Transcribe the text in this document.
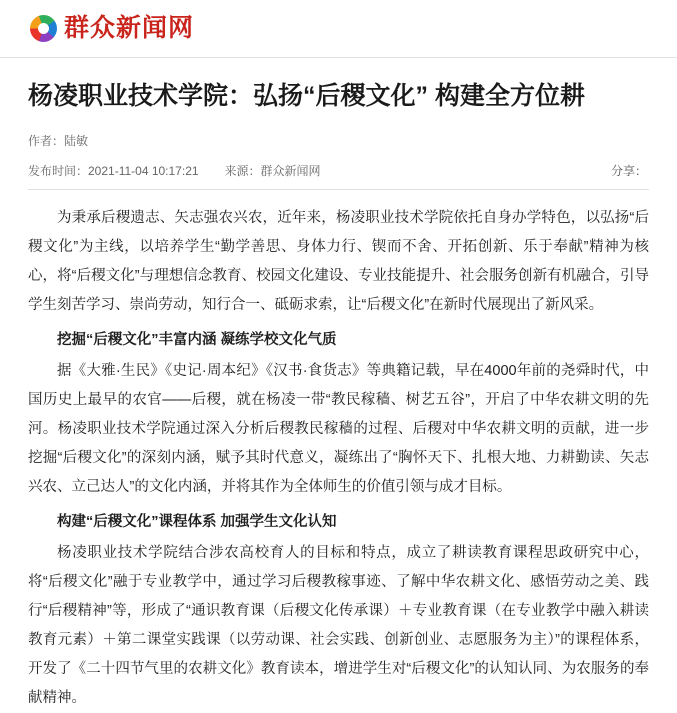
群众新闻网
杨凌职业技术学院：弘扬“后稷文化” 构建全方位耕
作者：陆敏
发布时间：2021-11-04 10:17:21 来源：群众新闻网	分享：

为秉承后稷遗志、矢志强农兴农，近年来，杨凌职业技术学院依托自身办学特色，以弘扬“后稷文化”为主线，以培养学生“勤学善思、身体力行、锲而不舍、开拓创新、乐于奉献”精神为核心，将“后稷文化”与理想信念教育、校园文化建设、专业技能提升、社会服务创新有机融合，引导学生刻苦学习、崇尚劳动，知行合一、砥砺求索，让“后稷文化”在新时代展现出了新风采。

挖掘“后稷文化”丰富内涵 凝练学校文化气质

据《大雅·生民》《史记·周本纪》《汉书·食货志》等典籍记载，早在4000年前的尧舜时代，中国历史上最早的农官——后稷，就在杨凌一带“教民稼穑、树艺五谷”，开启了中华农耕文明的先河。杨凌职业技术学院通过深入分析后稷教民稼穑的过程、后稷对中华农耕文明的贡献，进一步挖掘“后稷文化”的深刻内涵，赋予其时代意义，凝练出了“胸怀天下、扎根大地、力耕勤读、矢志兴农、立己达人”的文化内涵，并将其作为全体师生的价值引领与成才目标。

构建“后稷文化”课程体系 加强学生文化认知

杨凌职业技术学院结合涉农高校育人的目标和特点，成立了耕读教育课程思政研究中心，将“后稷文化”融于专业教学中，通过学习后稷教稼事迹、了解中华农耕文化、感悟劳动之美、践行“后稷精神”等，形成了“通识教育课（后稷文化传承课）＋专业教育课（在专业教学中融入耕读教育元素）＋第二课堂实践课（以劳动课、社会实践、创新创业、志愿服务为主）”的课程体系，开发了《二十四节气里的农耕文化》教育读本，增进学生对“后稷文化”的认知认同、为农服务的奉献精神。
